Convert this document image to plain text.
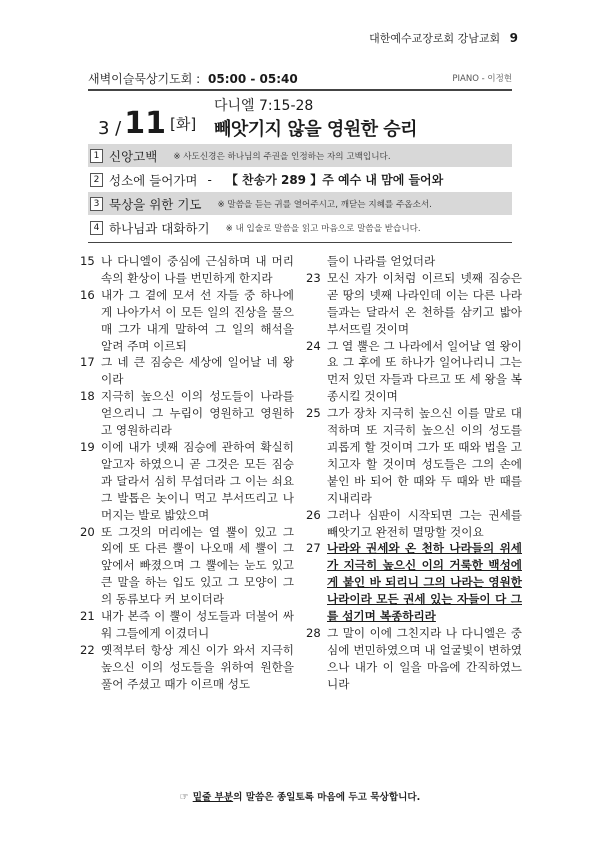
대한예수교장로회 강남교회 9
새벽이슬묵상기도회 : 05:00 - 05:40	PIANO - 이정현
3 / 11 [화]
다니엘 7:15-28
빼앗기지 않을 영원한 승리
1 신앙고백 ※ 사도신경은 하나님의 주권을 인정하는 자의 고백입니다.
2 성소에 들어가며 - 【 찬송가 289 】주 예수 내 맘에 들어와
3 묵상을 위한 기도 ※ 말씀을 듣는 귀를 열어주시고, 깨닫는 지혜를 주옵소서.
4 하나님과 대화하기 ※ 내 입술로 말씀을 읽고 마음으로 말씀을 받습니다.
15 나 다니엘이 중심에 근심하며 내 머리 속의 환상이 나를 번민하게 한지라
16 내가 그 곁에 모셔 선 자들 중 하나에게 나아가서 이 모든 일의 진상을 물으매 그가 내게 말하여 그 일의 해석을 알려 주며 이르되
17 그 네 큰 짐승은 세상에 일어날 네 왕이라
18 지극히 높으신 이의 성도들이 나라를 얻으리니 그 누림이 영원하고 영원하고 영원하리라
19 이에 내가 넷째 짐승에 관하여 확실히 알고자 하였으니 곧 그것은 모든 짐승과 달라서 심히 무섭더라 그 이는 쇠요 그 발톱은 놋이니 먹고 부서뜨리고 나머지는 발로 밟았으며
20 또 그것의 머리에는 열 뿔이 있고 그 외에 또 다른 뿔이 나오매 세 뿔이 그 앞에서 빠졌으며 그 뿔에는 눈도 있고 큰 말을 하는 입도 있고 그 모양이 그의 동류보다 커 보이더라
21 내가 본즉 이 뿔이 성도들과 더불어 싸워 그들에게 이겼더니
22 옛적부터 항상 계신 이가 와서 지극히 높으신 이의 성도들을 위하여 원한을 풀어 주셨고 때가 이르매 성도
들이 나라를 얻었더라
23 모신 자가 이처럼 이르되 넷째 짐승은 곧 땅의 넷째 나라인데 이는 다른 나라들과는 달라서 온 천하를 삼키고 밟아 부서뜨릴 것이며
24 그 열 뿔은 그 나라에서 일어날 열 왕이요 그 후에 또 하나가 일어나리니 그는 먼저 있던 자들과 다르고 또 세 왕을 복종시킬 것이며
25 그가 장차 지극히 높으신 이를 말로 대적하며 또 지극히 높으신 이의 성도를 괴롭게 할 것이며 그가 또 때와 법을 고치고자 할 것이며 성도들은 그의 손에 붙인 바 되어 한 때와 두 때와 반 때를 지내리라
26 그러나 심판이 시작되면 그는 권세를 빼앗기고 완전히 멸망할 것이요
27 나라와 권세와 온 천하 나라들의 위세가 지극히 높으신 이의 거룩한 백성에게 붙인 바 되리니 그의 나라는 영원한 나라이라 모든 권세 있는 자들이 다 그를 섬기며 복종하리라
28 그 말이 이에 그친지라 나 다니엘은 중심에 번민하였으며 내 얼굴빛이 변하였으나 내가 이 일을 마음에 간직하였느니라
☞ 밑줄 부분의 말씀은 종일토록 마음에 두고 묵상합니다.
